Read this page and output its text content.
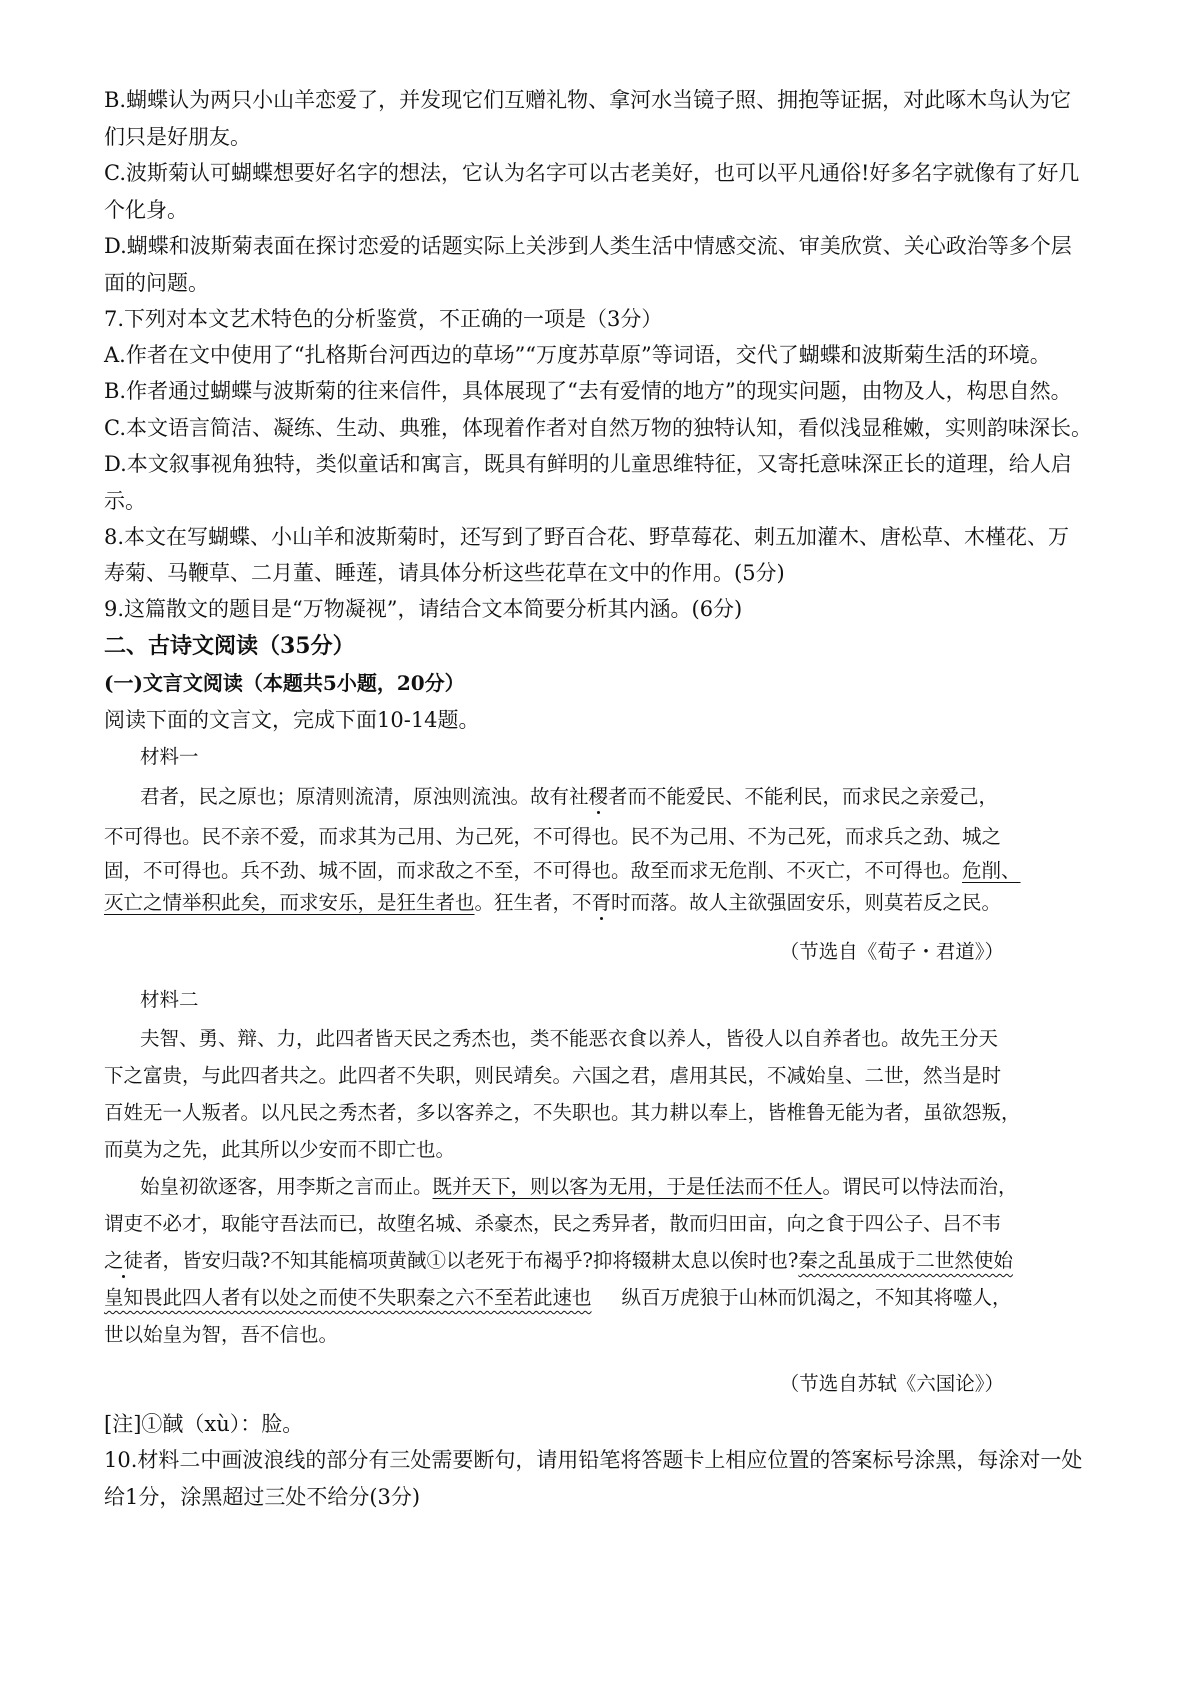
B.蝴蝶认为两只小山羊恋爱了，并发现它们互赠礼物、拿河水当镜子照、拥抱等证据，对此啄木鸟认为它
们只是好朋友。
C.波斯菊认可蝴蝶想要好名字的想法，它认为名字可以古老美好，也可以平凡通俗!好多名字就像有了好几
个化身。
D.蝴蝶和波斯菊表面在探讨恋爱的话题实际上关涉到人类生活中情感交流、审美欣赏、关心政治等多个层
面的问题。
7.下列对本文艺术特色的分析鉴赏，不正确的一项是（3分）
A.作者在文中使用了“扎格斯台河西边的草场”“万度苏草原”等词语，交代了蝴蝶和波斯菊生活的环境。
B.作者通过蝴蝶与波斯菊的往来信件，具体展现了“去有爱情的地方”的现实问题，由物及人，构思自然。
C.本文语言简洁、凝练、生动、典雅，体现着作者对自然万物的独特认知，看似浅显稚嫩，实则韵味深长。
D.本文叙事视角独特，类似童话和寓言，既具有鲜明的儿童思维特征，又寄托意味深正长的道理，给人启
示。
8.本文在写蝴蝶、小山羊和波斯菊时，还写到了野百合花、野草莓花、刺五加灌木、唐松草、木槿花、万
寿菊、马鞭草、二月董、睡莲，请具体分析这些花草在文中的作用。(5分)
9.这篇散文的题目是“万物凝视”，请结合文本简要分析其内涵。(6分)
二、古诗文阅读（35分）
(一)文言文阅读（本题共5小题，20分）
阅读下面的文言文，完成下面10-14题。
材料一
君者，民之原也；原清则流清，原浊则流浊。故有社稷者而不能爱民、不能利民，而求民之亲爱己，
不可得也。民不亲不爱，而求其为己用、为己死，不可得也。民不为己用、不为己死，而求兵之劲、城之
固，不可得也。兵不劲、城不固，而求敌之不至，不可得也。敌至而求无危削、不灭亡，不可得也。危削、
灭亡之情举积此矣，而求安乐，是狂生者也。狂生者，不胥时而落。故人主欲强固安乐，则莫若反之民。
（节选自《荀子・君道》）
材料二
夫智、勇、辩、力，此四者皆天民之秀杰也，类不能恶衣食以养人，皆役人以自养者也。故先王分天
下之富贵，与此四者共之。此四者不失职，则民靖矣。六国之君，虐用其民，不减始皇、二世，然当是时
百姓无一人叛者。以凡民之秀杰者，多以客养之，不失职也。其力耕以奉上，皆椎鲁无能为者，虽欲怨叛，
而莫为之先，此其所以少安而不即亡也。
始皇初欲逐客，用李斯之言而止。既并天下，则以客为无用，于是任法而不任人。谓民可以恃法而治，
谓吏不必才，取能守吾法而已，故堕名城、杀豪杰，民之秀异者，散而归田亩，向之食于四公子、吕不韦
之徒者，皆安归哉?不知其能槁项黄馘①以老死于布褐乎?抑将辍耕太息以俟时也?秦之乱虽成于二世然使始
皇知畏此四人者有以处之而使不失职秦之六不至若此速也 纵百万虎狼于山林而饥渴之，不知其将噬人，
世以始皇为智，吾不信也。
（节选自苏轼《六国论》）
[注]①馘（xù）：脸。
10.材料二中画波浪线的部分有三处需要断句，请用铅笔将答题卡上相应位置的答案标号涂黑，每涂对一处
给1分，涂黑超过三处不给分(3分)
